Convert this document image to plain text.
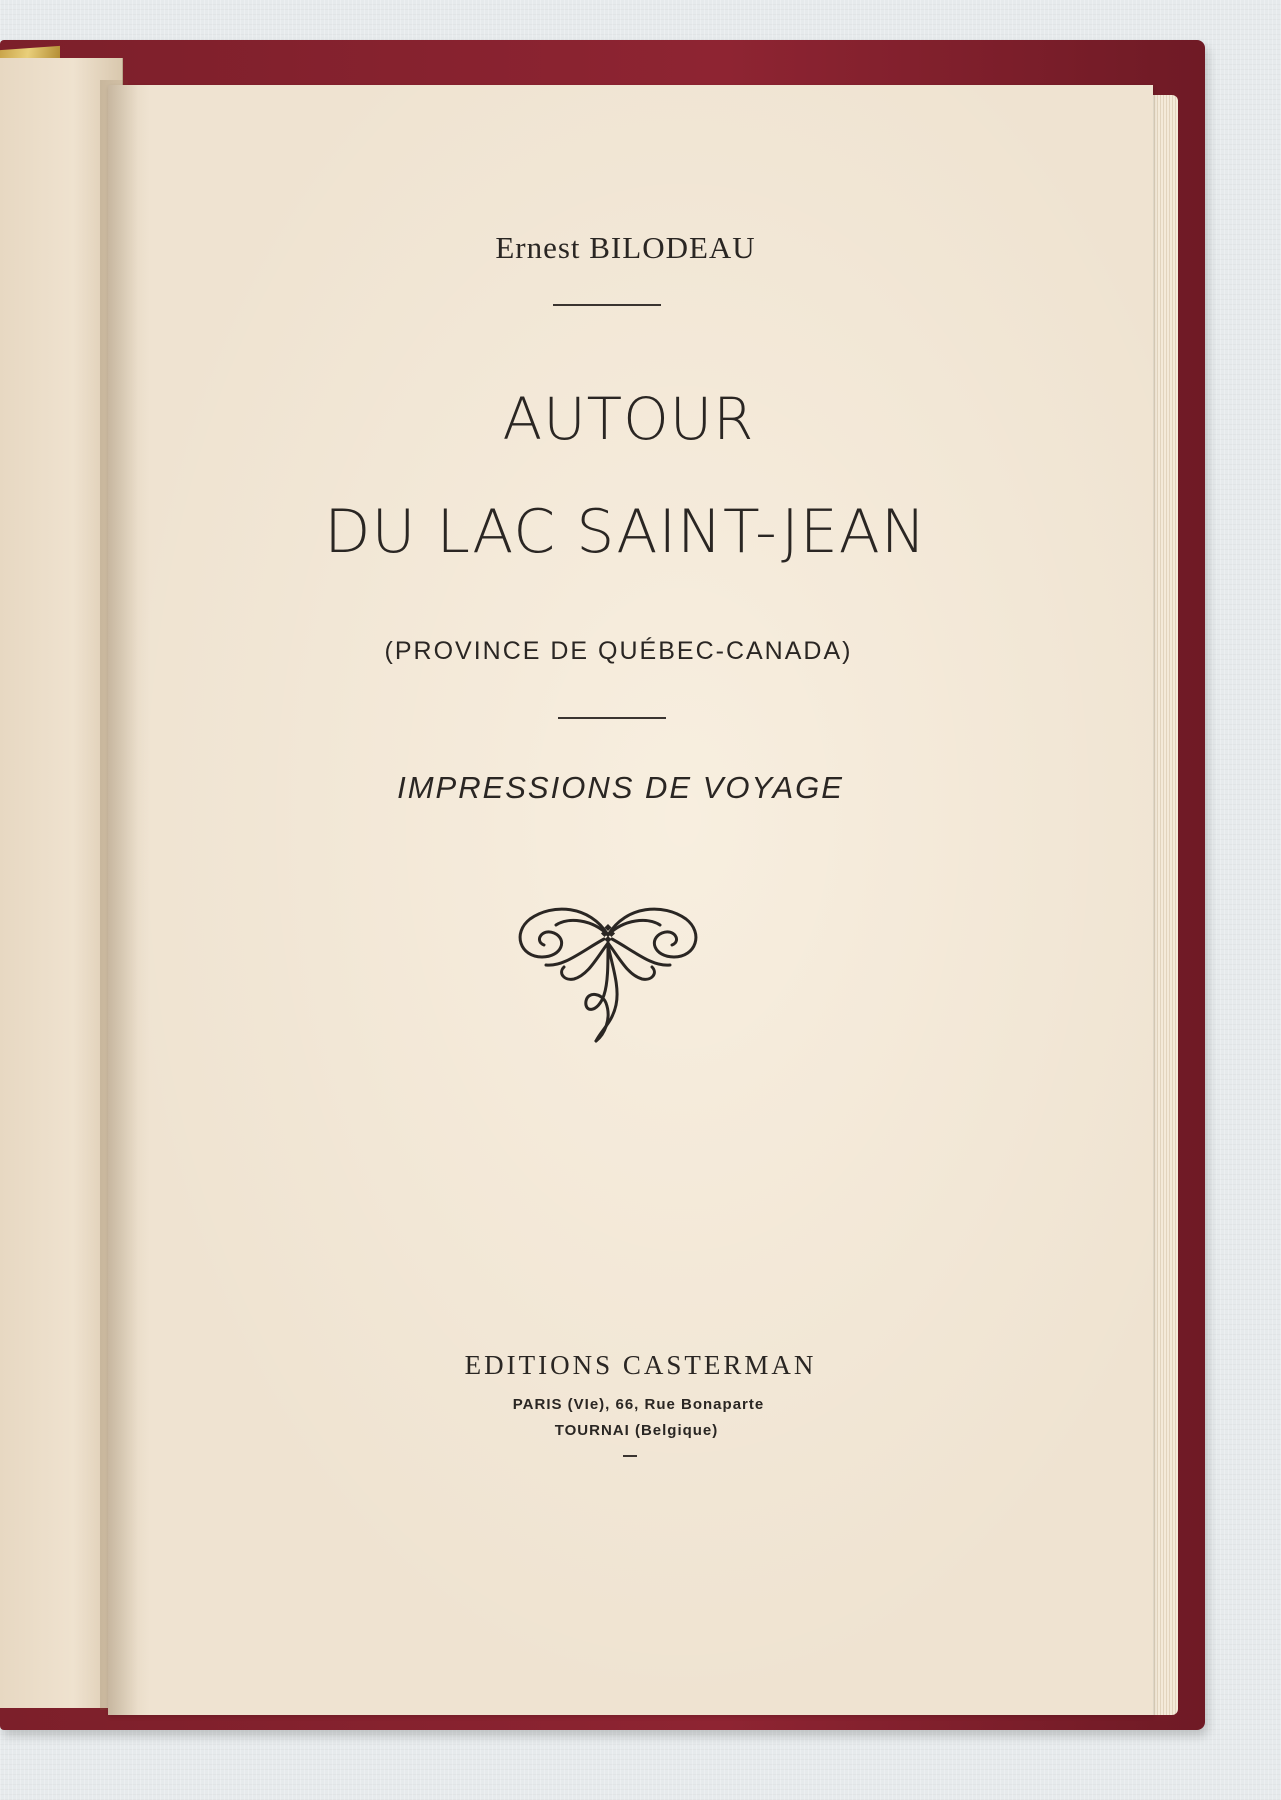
Ernest BILODEAU

AUTOUR

DU LAC SAINT-JEAN

(PROVINCE DE QUÉBEC-CANADA)

IMPRESSIONS DE VOYAGE

EDITIONS CASTERMAN

PARIS (VIe), 66, Rue Bonaparte

TOURNAI (Belgique)
